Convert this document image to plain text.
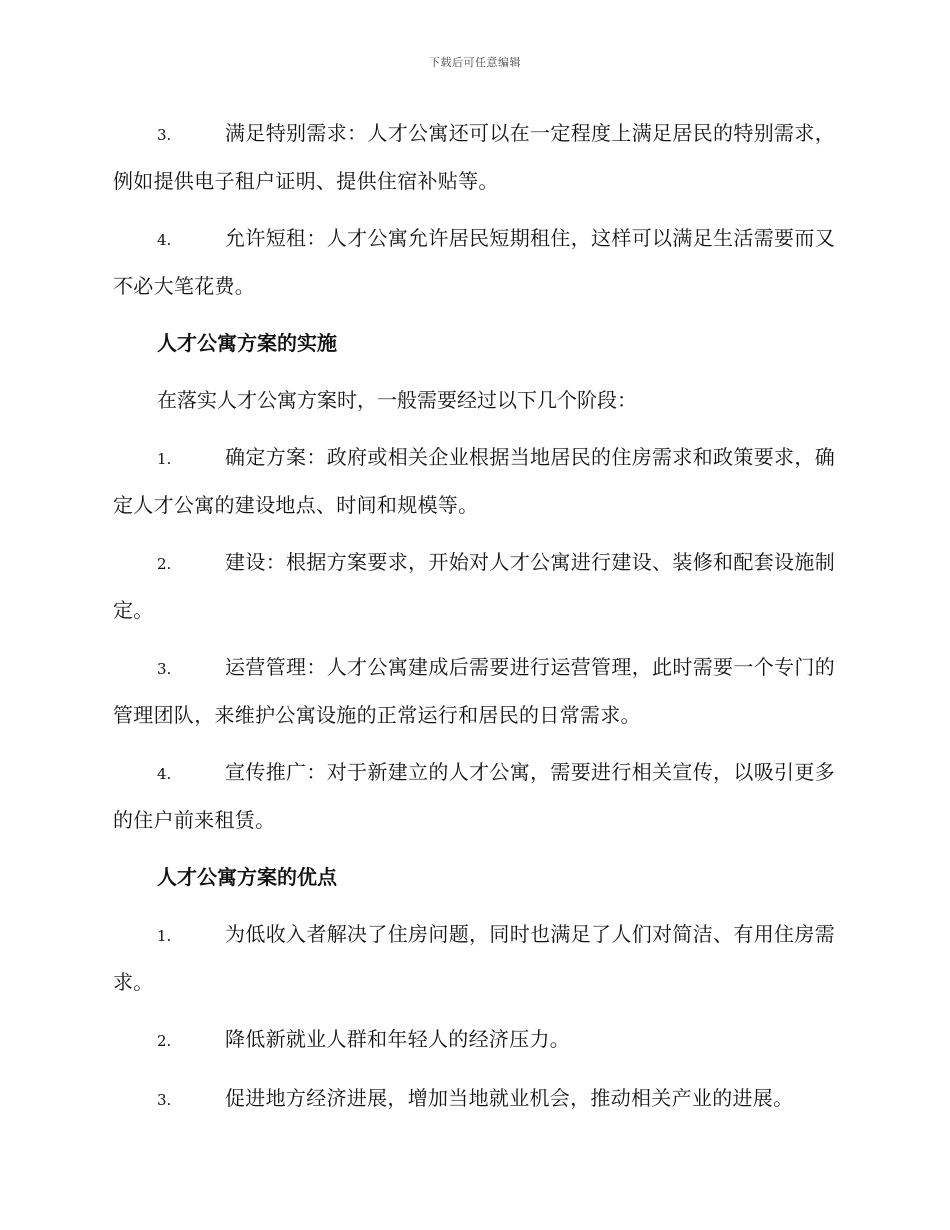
下载后可任意编辑
3.	满足特别需求：人才公寓还可以在一定程度上满足居民的特别需求，例如提供电子租户证明、提供住宿补贴等。
4.	允许短租：人才公寓允许居民短期租住，这样可以满足生活需要而又不必大笔花费。
人才公寓方案的实施
在落实人才公寓方案时，一般需要经过以下几个阶段：
1.	确定方案：政府或相关企业根据当地居民的住房需求和政策要求，确定人才公寓的建设地点、时间和规模等。
2.	建设：根据方案要求，开始对人才公寓进行建设、装修和配套设施制定。
3.	运营管理：人才公寓建成后需要进行运营管理，此时需要一个专门的管理团队，来维护公寓设施的正常运行和居民的日常需求。
4.	宣传推广：对于新建立的人才公寓，需要进行相关宣传，以吸引更多的住户前来租赁。
人才公寓方案的优点
1.	为低收入者解决了住房问题，同时也满足了人们对简洁、有用住房需求。
2.	降低新就业人群和年轻人的经济压力。
3.	促进地方经济进展，增加当地就业机会，推动相关产业的进展。
